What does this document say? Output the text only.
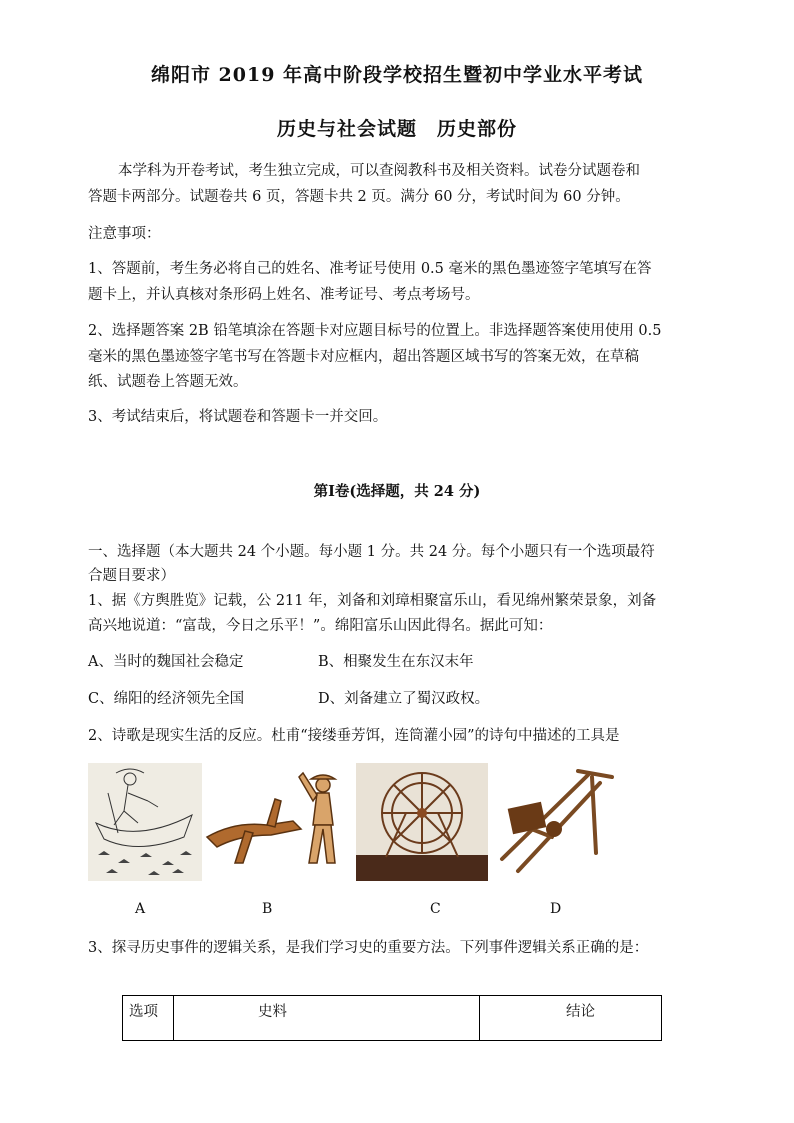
绵阳市 2019 年高中阶段学校招生暨初中学业水平考试
历史与社会试题　历史部份
本学科为开卷考试，考生独立完成，可以查阅教科书及相关资料。试卷分试题卷和
答题卡两部分。试题卷共 6 页，答题卡共 2 页。满分 60 分，考试时间为 60 分钟。
注意事项：
1、答题前，考生务必将自己的姓名、准考证号使用 0.5 毫米的黑色墨迹签字笔填写在答
题卡上，并认真核对条形码上姓名、准考证号、考点考场号。
2、选择题答案 2B 铅笔填涂在答题卡对应题目标号的位置上。非选择题答案使用使用 0.5
毫米的黑色墨迹签字笔书写在答题卡对应框内，超出答题区域书写的答案无效，在草稿
纸、试题卷上答题无效。
3、考试结束后，将试题卷和答题卡一并交回。
第Ⅰ卷(选择题，共 24 分)
一、选择题（本大题共 24 个小题。每小题 1 分。共 24 分。每个小题只有一个选项最符
合题目要求）
1、据《方舆胜览》记载，公 211 年，刘备和刘璋相聚富乐山，看见绵州繁荣景象，刘备
高兴地说道：“富哉，今日之乐平！”。绵阳富乐山因此得名。据此可知：
A、当时的魏国社会稳定	B、相聚发生在东汉末年
C、绵阳的经济领先全国	D、刘备建立了蜀汉政权。
2、诗歌是现实生活的反应。杜甫“接缕垂芳饵，连筒灌小园”的诗句中描述的工具是
A	B	C	D
3、探寻历史事件的逻辑关系，是我们学习史的重要方法。下列事件逻辑关系正确的是：
选项	史料	结论
